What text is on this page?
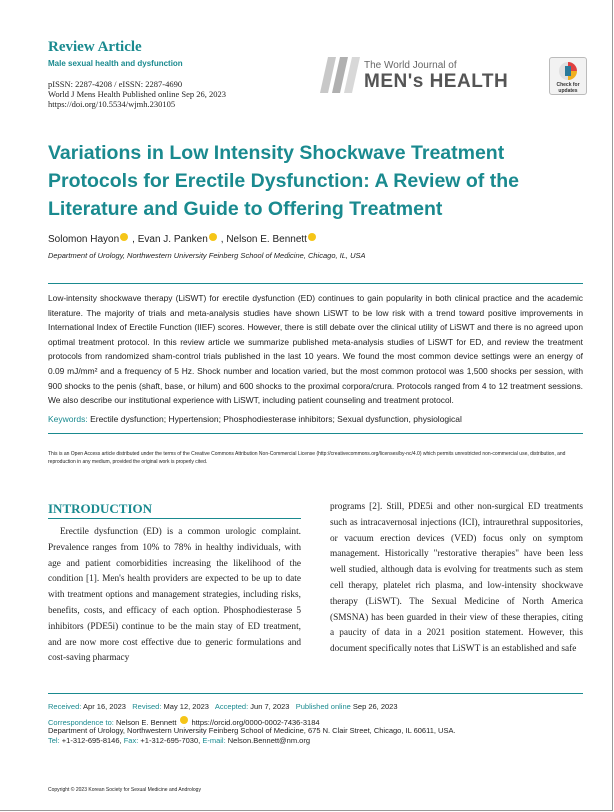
Review Article
Male sexual health and dysfunction
pISSN: 2287-4208 / eISSN: 2287-4690
World J Mens Health Published online Sep 26, 2023
https://doi.org/10.5534/wjmh.230105
The World Journal of
MEN's HEALTH	Check for
updates
Variations in Low Intensity Shockwave Treatment Protocols for Erectile Dysfunction: A Review of the Literature and Guide to Offering Treatment
Solomon Hayon , Evan J. Panken , Nelson E. Bennett
Department of Urology, Northwestern University Feinberg School of Medicine, Chicago, IL, USA
Low-intensity shockwave therapy (LiSWT) for erectile dysfunction (ED) continues to gain popularity in both clinical practice and the academic literature. The majority of trials and meta-analysis studies have shown LiSWT to be low risk with a trend toward positive improvements in International Index of Erectile Function (IIEF) scores. However, there is still debate over the clinical utility of LiSWT and there is no agreed upon optimal treatment protocol. In this review article we summarize published meta-analysis studies of LiSWT for ED, and review the treatment protocols from randomized sham-control trials published in the last 10 years. We found the most common device settings were an energy of 0.09 mJ/mm² and a frequency of 5 Hz. Shock number and location varied, but the most common protocol was 1,500 shocks per session, with 900 shocks to the penis (shaft, base, or hilum) and 600 shocks to the proximal corpora/crura. Protocols ranged from 4 to 12 treatment sessions. We also describe our institutional experience with LiSWT, including patient counseling and treatment protocol.
Keywords: Erectile dysfunction; Hypertension; Phosphodiesterase inhibitors; Sexual dysfunction, physiological
This is an Open Access article distributed under the terms of the Creative Commons Attribution Non-Commercial License (http://creativecommons.org/licenses/by-nc/4.0) which permits unrestricted non-commercial use, distribution, and reproduction in any medium, provided the original work is properly cited.
INTRODUCTION
Erectile dysfunction (ED) is a common urologic complaint. Prevalence ranges from 10% to 78% in healthy individuals, with age and patient comorbidities increasing the likelihood of the condition [1]. Men's health providers are expected to be up to date with treatment options and management strategies, including risks, benefits, costs, and efficacy of each option. Phosphodiesterase 5 inhibitors (PDE5i) continue to be the main stay of ED treatment, and are now more cost effective due to generic formulations and cost-saving pharmacy
programs [2]. Still, PDE5i and other non-surgical ED treatments such as intracavernosal injections (ICI), intraurethral suppositories, or vacuum erection devices (VED) focus only on symptom management. Historically "restorative therapies" have been less well studied, although data is evolving for treatments such as stem cell therapy, platelet rich plasma, and low-intensity shockwave therapy (LiSWT). The Sexual Medicine of North America (SMSNA) has been guarded in their view of these therapies, citing a paucity of data in a 2021 position statement. However, this document specifically notes that LiSWT is an established and safe
Received: Apr 16, 2023 Revised: May 12, 2023 Accepted: Jun 7, 2023 Published online Sep 26, 2023
Correspondence to: Nelson E. Bennett https://orcid.org/0000-0002-7436-3184
Department of Urology, Northwestern University Feinberg School of Medicine, 675 N. Clair Street, Chicago, IL 60611, USA.
Tel: +1-312-695-8146, Fax: +1-312-695-7030, E-mail: Nelson.Bennett@nm.org
Copyright © 2023 Korean Society for Sexual Medicine and Andrology
